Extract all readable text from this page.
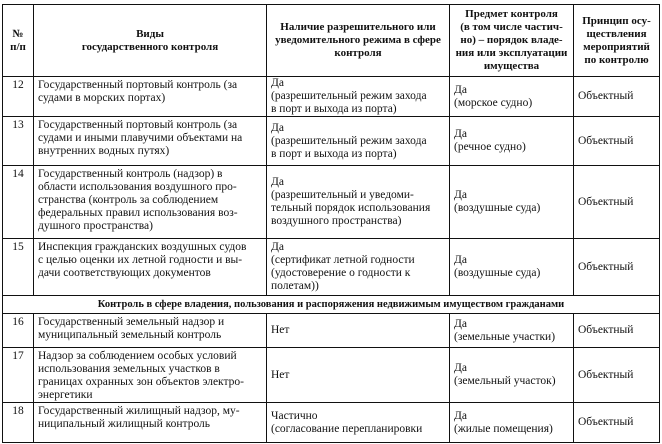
№
п/п	Виды
государственного контроля	Наличие разрешительного или
уведомительного режима в сфере
контроля	Предмет контроля
(в том числе частич-
но) – порядок владе-
ния или эксплуатации
имущества	Принцип осу-
ществления
мероприятий
по контролю

12	Государственный портовый контроль (за
судами в морских портах)	Да
(разрешительный режим захода
в порт и выхода из порта)	Да
(морское судно)	Объектный
13	Государственный портовый контроль (за
судами и иными плавучими объектами на
внутренних водных путях)	Да
(разрешительный режим захода
в порт и выхода из порта)	Да
(речное судно)	Объектный
14	Государственный контроль (надзор) в
области использования воздушного про-
странства (контроль за соблюдением
федеральных правил использования воз-
душного пространства)	Да
(разрешительный и уведоми-
тельный порядок использования
воздушного пространства)	Да
(воздушные суда)	Объектный
15	Инспекция гражданских воздушных судов
с целью оценки их летной годности и вы-
дачи соответствующих документов	Да
(сертификат летной годности
(удостоверение о годности к
полетам))	Да
(воздушные суда)	Объектный
Контроль в сфере владения, пользования и распоряжения недвижимым имуществом гражданами				
16	Государственный земельный надзор и
муниципальный земельный контроль	Нет	Да
(земельные участки)	Объектный
17	Надзор за соблюдением особых условий
использования земельных участков в
границах охранных зон объектов электро-
энергетики	Нет	Да
(земельный участок)	Объектный
18	Государственный жилищный надзор, му-
ниципальный жилищный контроль	Частично
(согласование перепланировки	Да
(жилые помещения)	Объектный
